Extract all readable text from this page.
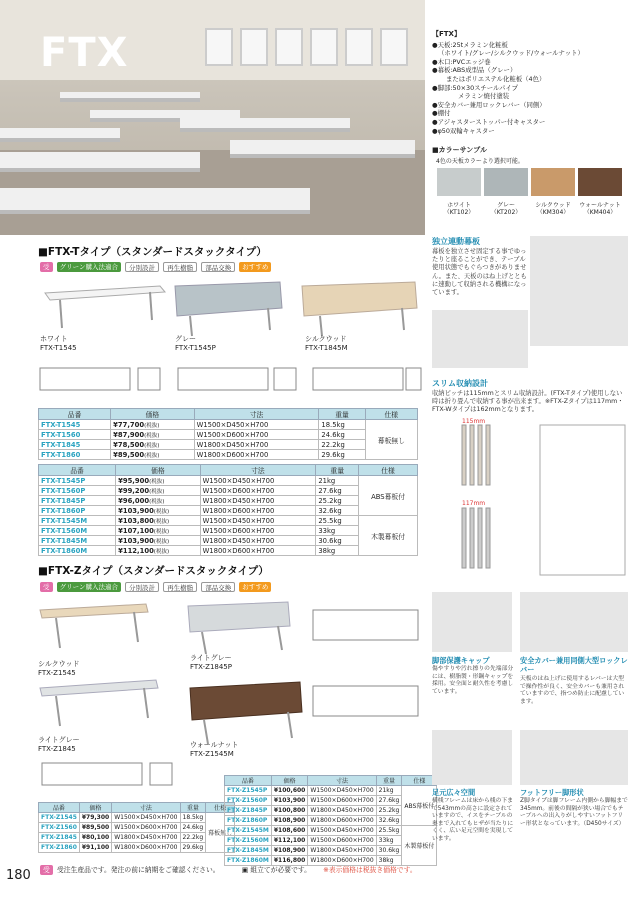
FTX	【FTX】
●天板:25tメラミン化粧板
（ホワイト/グレー/シルクウッド/ウォールナット）
●木口:PVCエッジ巻
●幕板:ABS成型品（グレー）
またはポリエステル化粧板（4色）
●脚部:50×30スチールパイプ
メラミン焼付塗装
●安全カバー兼用ロックレバー（同側）
●棚付
●アジャスターストッパー付キャスター
●φ50双輪キャスター
■カラーサンプル
4色の天板カラーより選択可能。
ホワイト
（KT102）グレー
（KT202）シルクウッド
（KM304）ウォールナット
（KM404）
■FTX-Tタイプ（スタンダードスタックタイプ）
受 グリーン購入法適合 分別設計 再生樹脂 部品交換 おすすめ
ホワイト
FTX-T1545
グレー
FTX-T1545P
シルクウッド
FTX-T1845M
品番	価格	寸法	重量	仕様
FTX-T1545	¥77,700(税抜)	W1500×D450×H700	18.5kg	幕板無し
FTX-T1560	¥87,900(税抜)	W1500×D600×H700	24.6kg	
FTX-T1845	¥78,500(税抜)	W1800×D450×H700	22.2kg	
FTX-T1860	¥89,500(税抜)	W1800×D600×H700	29.6kg	
品番	価格	寸法	重量	仕様
FTX-T1545P	¥95,900(税抜)	W1500×D450×H700	21kg	ABS幕板付
FTX-T1560P	¥99,200(税抜)	W1500×D600×H700	27.6kg	
FTX-T1845P	¥96,000(税抜)	W1800×D450×H700	25.2kg	
FTX-T1860P	¥103,900(税抜)	W1800×D600×H700	32.6kg	
FTX-T1545M	¥103,800(税抜)	W1500×D450×H700	25.5kg	木製幕板付
FTX-T1560M	¥107,100(税抜)	W1500×D600×H700	33kg	
FTX-T1845M	¥103,900(税抜)	W1800×D450×H700	30.6kg	
FTX-T1860M	¥112,100(税抜)	W1800×D600×H700	38kg	
■FTX-Zタイプ（スタンダードスタックタイプ）
受 グリーン購入法適合 分別設計 再生樹脂 部品交換 おすすめ
シルクウッド
FTX-Z1545
ライトグレー
FTX-Z1845P
ライトグレー
FTX-Z1845	ウォールナット
FTX-Z1545M
品番	価格	寸法	重量	仕様
FTX-Z1545	¥79,300	W1500×D450×H700	18.5kg	幕板無し
FTX-Z1560	¥89,500	W1500×D600×H700	24.6kg	
FTX-Z1845	¥80,100	W1800×D450×H700	22.2kg	
FTX-Z1860	¥91,100	W1800×D600×H700	29.6kg	
品番	価格	寸法	重量	仕様
FTX-Z1545P	¥100,600	W1500×D450×H700	21kg	ABS幕板付
FTX-Z1560P	¥103,900	W1500×D600×H700	27.6kg	
FTX-Z1845P	¥100,800	W1800×D450×H700	25.2kg	
FTX-Z1860P	¥108,900	W1800×D600×H700	32.6kg	
FTX-Z1545M	¥108,600	W1500×D450×H700	25.5kg	木製幕板付
FTX-Z1560M	¥112,100	W1500×D600×H700	33kg	
FTX-Z1845M	¥108,900	W1800×D450×H700	30.6kg	
FTX-Z1860M	¥116,800	W1800×D600×H700	38kg	
独立連動幕板
幕板を独立させ固定する事でゆったりと座ることができ、テーブル使用状態でもぐらつきがありません。また、天板のはね上げとともに速動して収納される機構になっています。
スリム収納設計
収納ピッチは115mmとスリム収納設計。(FTX-Tタイプ)使用しない時は折り畳んで収納する事が出来ます。※FTX-Zタイプは117mm・FTX-Wタイプは162mmとなります。
115mm
117mm
脚部保護キャップ
傷やすりや汚れ擦りの先端部分には、樹脂製・形鋼キャップを採用。安全面と耐久性を考慮しています。
安全カバー兼用同側大型ロックレバー
天板のはね上げに使用するレバーは大型で操作性が良く、安全カバーも兼用されていますので、指つめ防止に配慮しています。
足元広々空間
横桟フレームは床から桟の下まで543mmの高さに設定されていますので、イスをテーブルの奥まで入れてもヒザが当たりにくく、広い足元空間を実現しています。
フットフリー脚形状
Z脚タイプは脚フレーム内側から脚幅まで345mm。前後の間隔が狭い場合でもテーブルへの出入りがしやすいフットフリー形状となっています。（D450サイズ）
180	受 受注生産品です。発注の前に納期をご確認ください。	▣ 組立てが必要です。 ※表示価格は税抜き価格です。
